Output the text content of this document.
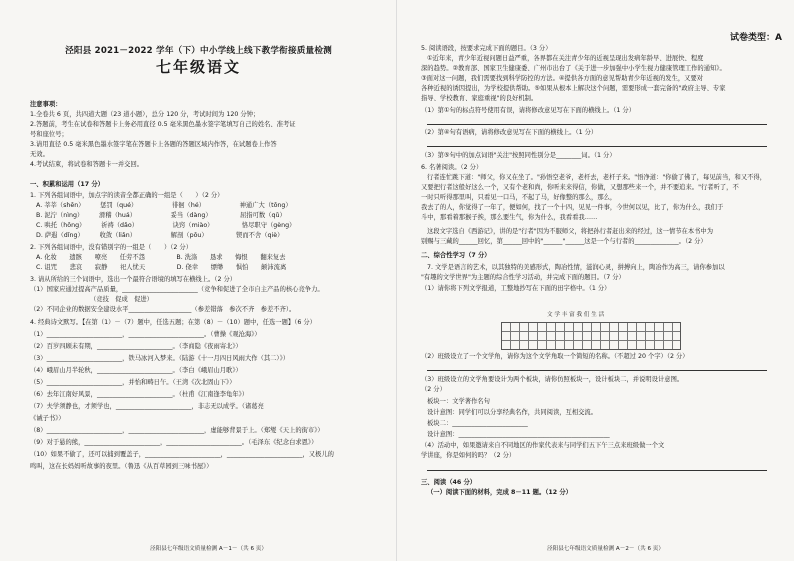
泾阳县 2021－2022 学年（下）中小学线上线下教学衔接质量检测
七年级语文
注意事项：
1.全卷共 6 页，共四道大题（23 道小题），总分 120 分，考试时间为 120 分钟；
2.答题前，考生在试卷和答题卡上务必用直径 0.5 毫米黑色墨水签字笔填写自己的姓名、准考证
号和座位号；
3.请用直径 0.5 毫米黑色墨水签字笔在答题卡上各题的答题区域内作答，在试题卷上作答
无效。
4.考试结束，将试卷和答题卡一并交回。
一、积累和运用（17 分）
1. 下列各组词语中，加点字的读音全都正确的一组是（　　）（2 分）
A. 莘莘（shēn）　　　惩罚（qué）　　　　　　徘徊（hé）　　　　　　神通广大（tōng）
B. 泥泞（nìng）　　　滑稽（huá）　　　　　　妥当（dàng）　　　　　屈指可数（qǔ）
C. 哄托（hōng）　　　祈祷（dǎo）　　　　　　诀窍（miào）　　　　　恪尽职守（gèng）
D. 萨遐（dǐng）　　　收敛（liǎn）　　　　　　解剖（pōu）　　　　　锲而不舍（qiè）
2. 下列各组词语中，没有错别字的一组是（　　）（2 分）
A. 化妆　　遗骸　　嘹亮　　任劳不怨　　　　　B. 洗涤　　恳求　　悔恨　　翻来复去
C. 诅咒　　悲哀　　寂静　　祀人忧天　　　　　D. 侥幸　　缥缈　　惧怕　　颠沛流离
3. 请从所给的三个词语中，选出一个最符合语境的填写在横线上。（2 分）
（1）国家应通过提高产品质量，________________________（竞争和促进了全市自主产品的核心竞争力。
（竞技　促成　促进）
（2）不同企业的数据安全建设水平____________________（参差错落　参次不齐　参差不齐）。
4. 经典诗文默写。【在第（1）－（7）题中，任选五题；在第（8）－（10）题中，任选一题】（6 分）
（1）________________________，________________________。（曹操《观沧海》）
（2）百岁四顾未有期，________________________。（李商隐《夜雨寄北》）
（3）________________________，铁马冰河入梦来。（陆游《十一月四日风雨大作（其二）》）
（4）峨眉山月半轮秋，________________________。（李白《峨眉山月歌》）
（5）________________________，并怡和畴日午。（王湾《次北固山下》）
（6）去年江南好风景，________________________。（杜甫《江南逢李龟年》）
（7）夫学须静也，才须学也，________________________，非志无以成学。（诸葛亮
《诫子书》）
（8）________________________，________________________，虚能够背景于上。（郑燮《天上的街市》）
（9）对于悬的熊，________________________，________________________。（毛泽东《纪念白求恩》）
（10）如果不偷了，还可以捕到覆盖子，________________________，________________________，又极儿的
鸣叫，这在长妈妈听故事的夜里。（鲁迅《从百草园到三味书屋》）
泾阳县七年级语文质量检测 A－1－（共 6 页）
试卷类型：A
5. 阅读语段，按要求完成下面的题目。（3 分）
①近年来，青少年近视问题日益严重，各界都在关注青少年的近视呈现出发病年龄早、进展快、程度
深的趋势。②教育部、国家卫生健康委、广州市出台了《关于进一步加强中小学生视力健康管理工作的通知》。
③面对这一问题，我们需要找到科学防控的方法。④提供各方面的意见帮助青少年近视的发生，又要对
各种近视的诱因提出，为学校提供帮助。⑤如果从根本上解决这个问题，需要形成一套完备的"政府主导、专家
指导、学校教育、家庭重视"的良好机制。
（1）第①句的标点符号使用有误，请将修改意见写在下面的横线上。（1 分）
（2）第④句有语病，请将修改意见写在下面的横线上。（1 分）
（3）第⑤句中的加点词语"关注"按照同性别分是________词。（1 分）
6. 名著阅读。（2 分）
行者连忙跳下道："师父，你又在坐了。"孙悟空老爷，老杆去，老杆子来。"悟净道："你偷了佛了，每见前当，和又不得，
又要把行者这般好这么一个，又有个老和尚，你听来来得信，你做，又想那些来一个，并不要追来。"行者听了，不
一时只听得那里叫，只看见一口马，不起了马，好像整的那么，那么，
我去了的人，你觉得了一年了，便如何，找了一个十四，见见一件事，今世何以见，比了，你为什么，我们于
斗中，那看着那猴子挨，那么要生气，你为什么，我看看我……
这段文字选自《西游记》，讲的是"行者"因为不服师父，将把孙行者赶出来的经过，这一情节在本书中为
别赐与三藏的______回忆，第______回中的"______"______这是一个与行者的______________。（2 分）
二、综合性学习（7 分）
7. 文学是语言的艺术，以其独特的美感形式，陶冶性情，滋润心灵，拼搏向上，陶冶作为高三，请你参加以
"有趣的文学世界"为主题的综合性学习活动，并完成下面的题目。（7 分）
（1）请你将下列文学报道，工整地抄写在下面的田字格中。（1 分）
文 学 丰 富 我 们 生 活
（2）班级设立了一个文学角，请你为这个文学角取一个简短的名称。（不超过 20 个字）（2 分）
（3）班级设立的文学角要设计为两个板块，请你仿照板块一，设计板块二，并说明设计意图。
（2 分）
板块一：文学著作名句
设计意图：同学们可以分享经典名作，共同阅读，互相交流。
板块二：________________________
设计意图：________________________________________________
（4）活动中，如果邀请来自不同地区的作家代表来与同学们五下午三点来班级做一个文
学讲座，你是如何的吗？（2 分）
三、阅读（46 分）
（一）阅读下面的材料，完成 8－11 题。（12 分）
泾阳县七年级语文质量检测 A－2－（共 6 页）
